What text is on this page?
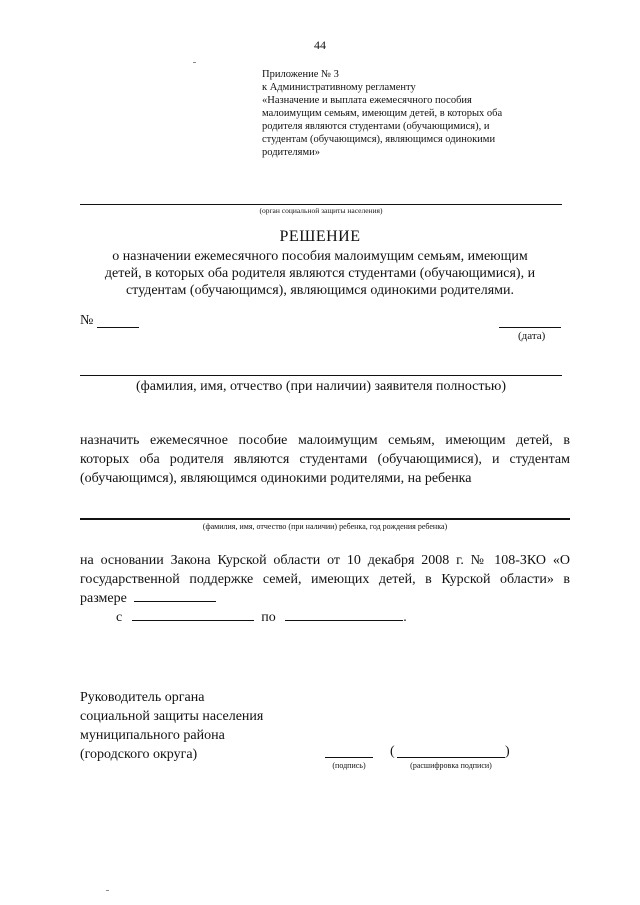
44
Приложение № 3
к Административному регламенту
«Назначение и выплата ежемесячного пособия
малоимущим семьям, имеющим детей, в которых оба
родителя являются студентами (обучающимися), и
студентам (обучающимся), являющимся одинокими
родителями»
(орган социальной защиты населения)
РЕШЕНИЕ
о назначении ежемесячного пособия малоимущим семьям, имеющим
детей, в которых оба родителя являются студентами (обучающимися), и
студентам (обучающимся), являющимся одинокими родителями.
№
(дата)
(фамилия, имя, отчество (при наличии) заявителя полностью)
назначить ежемесячное пособие малоимущим семьям, имеющим детей, в
которых оба родителя являются студентами (обучающимися), и студентам
(обучающимся), являющимся одинокими родителями, на ребенка
(фамилия, имя, отчество (при наличии) ребенка, год рождения ребенка)
на основании Закона Курской области от 10 декабря 2008 г. № 108-ЗКО «О
государственной поддержке семей, имеющих детей, в Курской области» в
размере
с	по	.
Руководитель органа
социальной защиты населения
муниципального района
(городского округа)
(подпись)
(	)
(расшифровка подписи)
